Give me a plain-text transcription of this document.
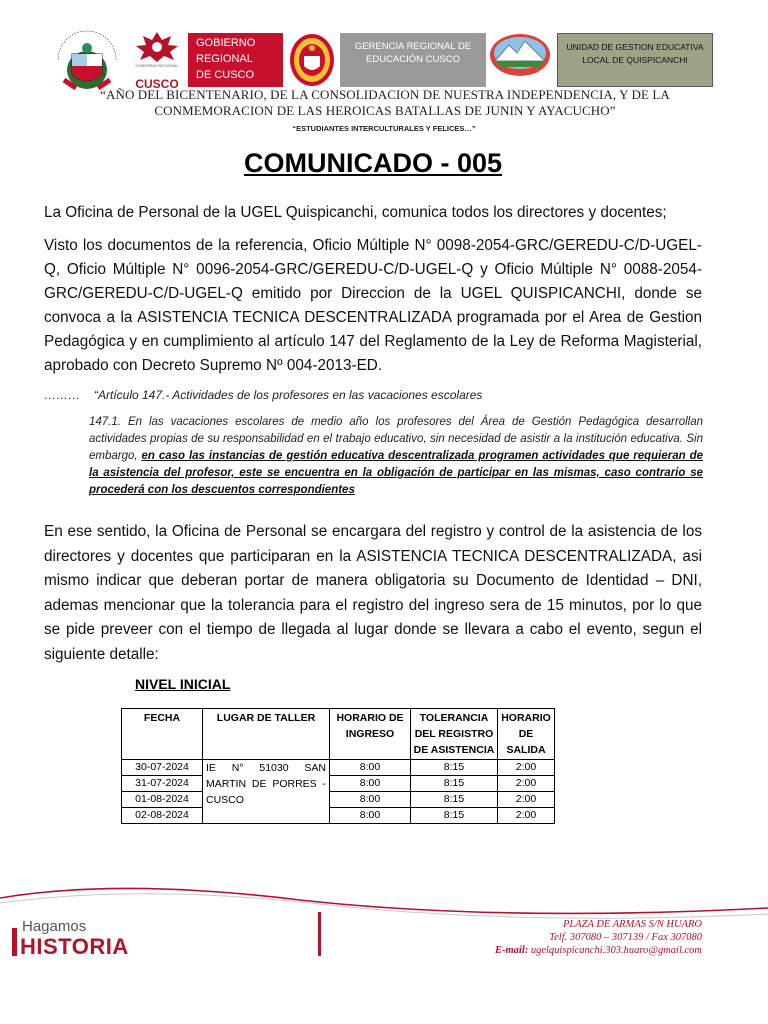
GOBIERNO REGIONAL
CUSCO
GOBIERNO
REGIONAL
DE CUSCO
GERENCIA REGIONAL DE EDUCACIÓN CUSCO
UNIDAD DE GESTION EDUCATIVA LOCAL DE QUISPICANCHI
“AÑO DEL BICENTENARIO, DE LA CONSOLIDACION DE NUESTRA INDEPENDENCIA, Y DE LA CONMEMORACION DE LAS HEROICAS BATALLAS DE JUNIN Y AYACUCHO”
“ESTUDIANTES INTERCULTURALES Y FELICES…”
COMUNICADO - 005
La Oficina de Personal de la UGEL Quispicanchi, comunica todos los directores y docentes;
Visto los documentos de la referencia, Oficio Múltiple N° 0098-2054-GRC/GEREDU-C/D-UGEL-Q, Oficio Múltiple N° 0096-2054-GRC/GEREDU-C/D-UGEL-Q y Oficio Múltiple N° 0088-2054-GRC/GEREDU-C/D-UGEL-Q emitido por Direccion de la UGEL QUISPICANCHI, donde se convoca a la ASISTENCIA TECNICA DESCENTRALIZADA programada por el Area de Gestion Pedagógica y en cumplimiento al artículo 147 del Reglamento de la Ley de Reforma Magisterial, aprobado con Decreto Supremo Nº 004-2013-ED.
……… “Artículo 147.- Actividades de los profesores en las vacaciones escolares
147.1. En las vacaciones escolares de medio año los profesores del Área de Gestión Pedagógica desarrollan actividades propias de su responsabilidad en el trabajo educativo, sin necesidad de asistir a la institución educativa. Sin embargo, en caso las instancias de gestión educativa descentralizada programen actividades que requieran de la asistencia del profesor, este se encuentra en la obligación de participar en las mismas, caso contrario se procederá con los descuentos correspondientes
En ese sentido, la Oficina de Personal se encargara del registro y control de la asistencia de los directores y docentes que participaran en la ASISTENCIA TECNICA DESCENTRALIZADA, asi mismo indicar que deberan portar de manera obligatoria su Documento de Identidad – DNI, ademas mencionar que la tolerancia para el registro del ingreso sera de 15 minutos, por lo que se pide preveer con el tiempo de llegada al lugar donde se llevara a cabo el evento, segun el siguiente detalle:
NIVEL INICIAL
FECHA	LUGAR DE TALLER	HORARIO DE INGRESO	TOLERANCIA DEL REGISTRO DE ASISTENCIA	HORARIO DE SALIDA
30-07-2024	IE N° 51030 SAN MARTIN DE PORRES - CUSCO	8:00	8:15	2:00
31-07-2024		8:00	8:15	2:00
01-08-2024		8:00	8:15	2:00
02-08-2024		8:00	8:15	2:00
Hagamos
HISTORIA
PLAZA DE ARMAS S/N HUARO
Telf. 307080 – 307139 / Fax 307080
E-mail: ugelquispicanchi.303.huaro@gmail.com
